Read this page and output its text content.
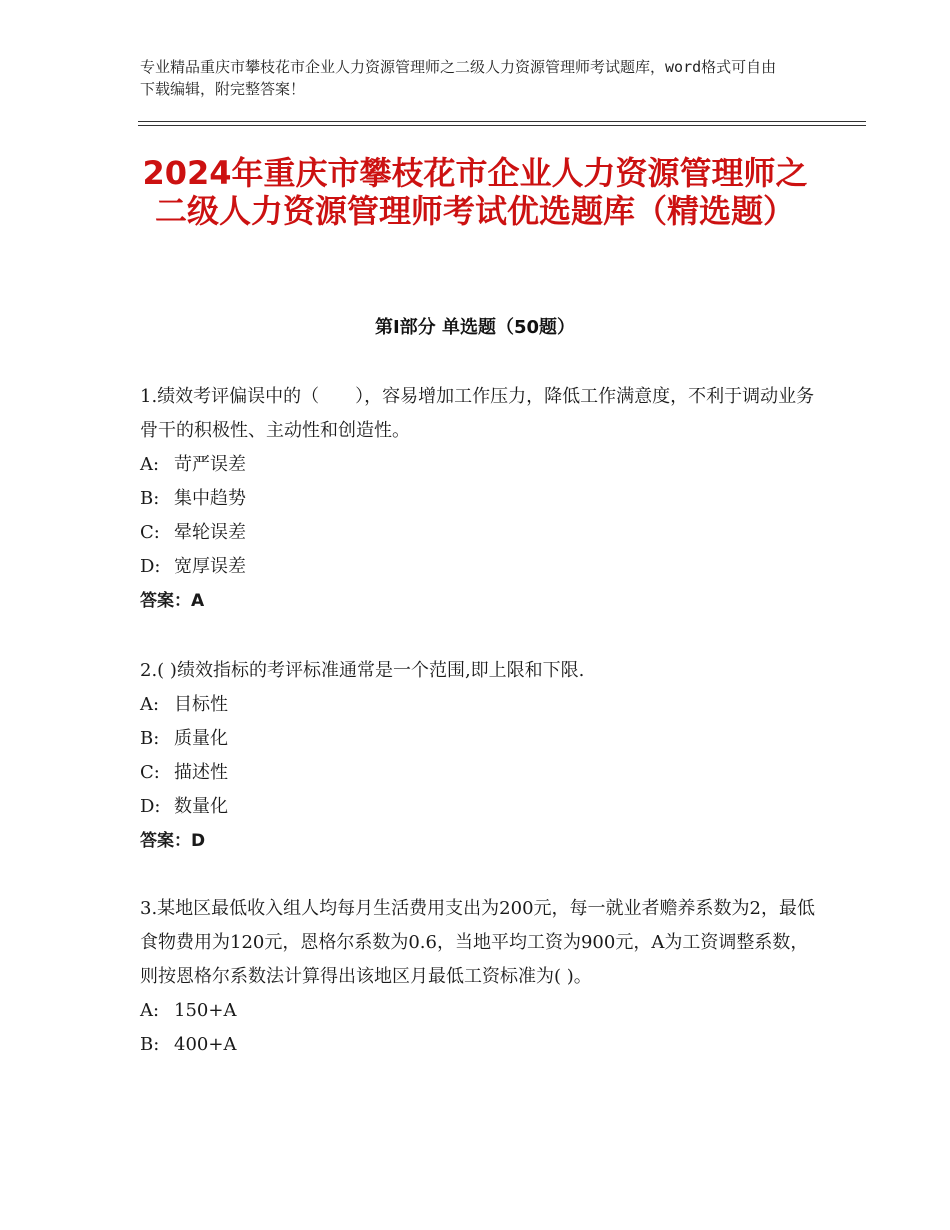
专业精品重庆市攀枝花市企业人力资源管理师之二级人力资源管理师考试题库，word格式可自由下载编辑，附完整答案！
2024年重庆市攀枝花市企业人力资源管理师之二级人力资源管理师考试优选题库（精选题）
第Ⅰ部分 单选题（50题）
1.绩效考评偏误中的（　　），容易增加工作压力，降低工作满意度，不利于调动业务骨干的积极性、主动性和创造性。
A: 苛严误差
B: 集中趋势
C: 晕轮误差
D: 宽厚误差
答案：A
2.( )绩效指标的考评标准通常是一个范围,即上限和下限.
A: 目标性
B: 质量化
C: 描述性
D: 数量化
答案：D
3.某地区最低收入组人均每月生活费用支出为200元，每一就业者赡养系数为2，最低食物费用为120元，恩格尔系数为0.6，当地平均工资为900元，A为工资调整系数，则按恩格尔系数法计算得出该地区月最低工资标准为( )。
A: 150+A
B: 400+A
